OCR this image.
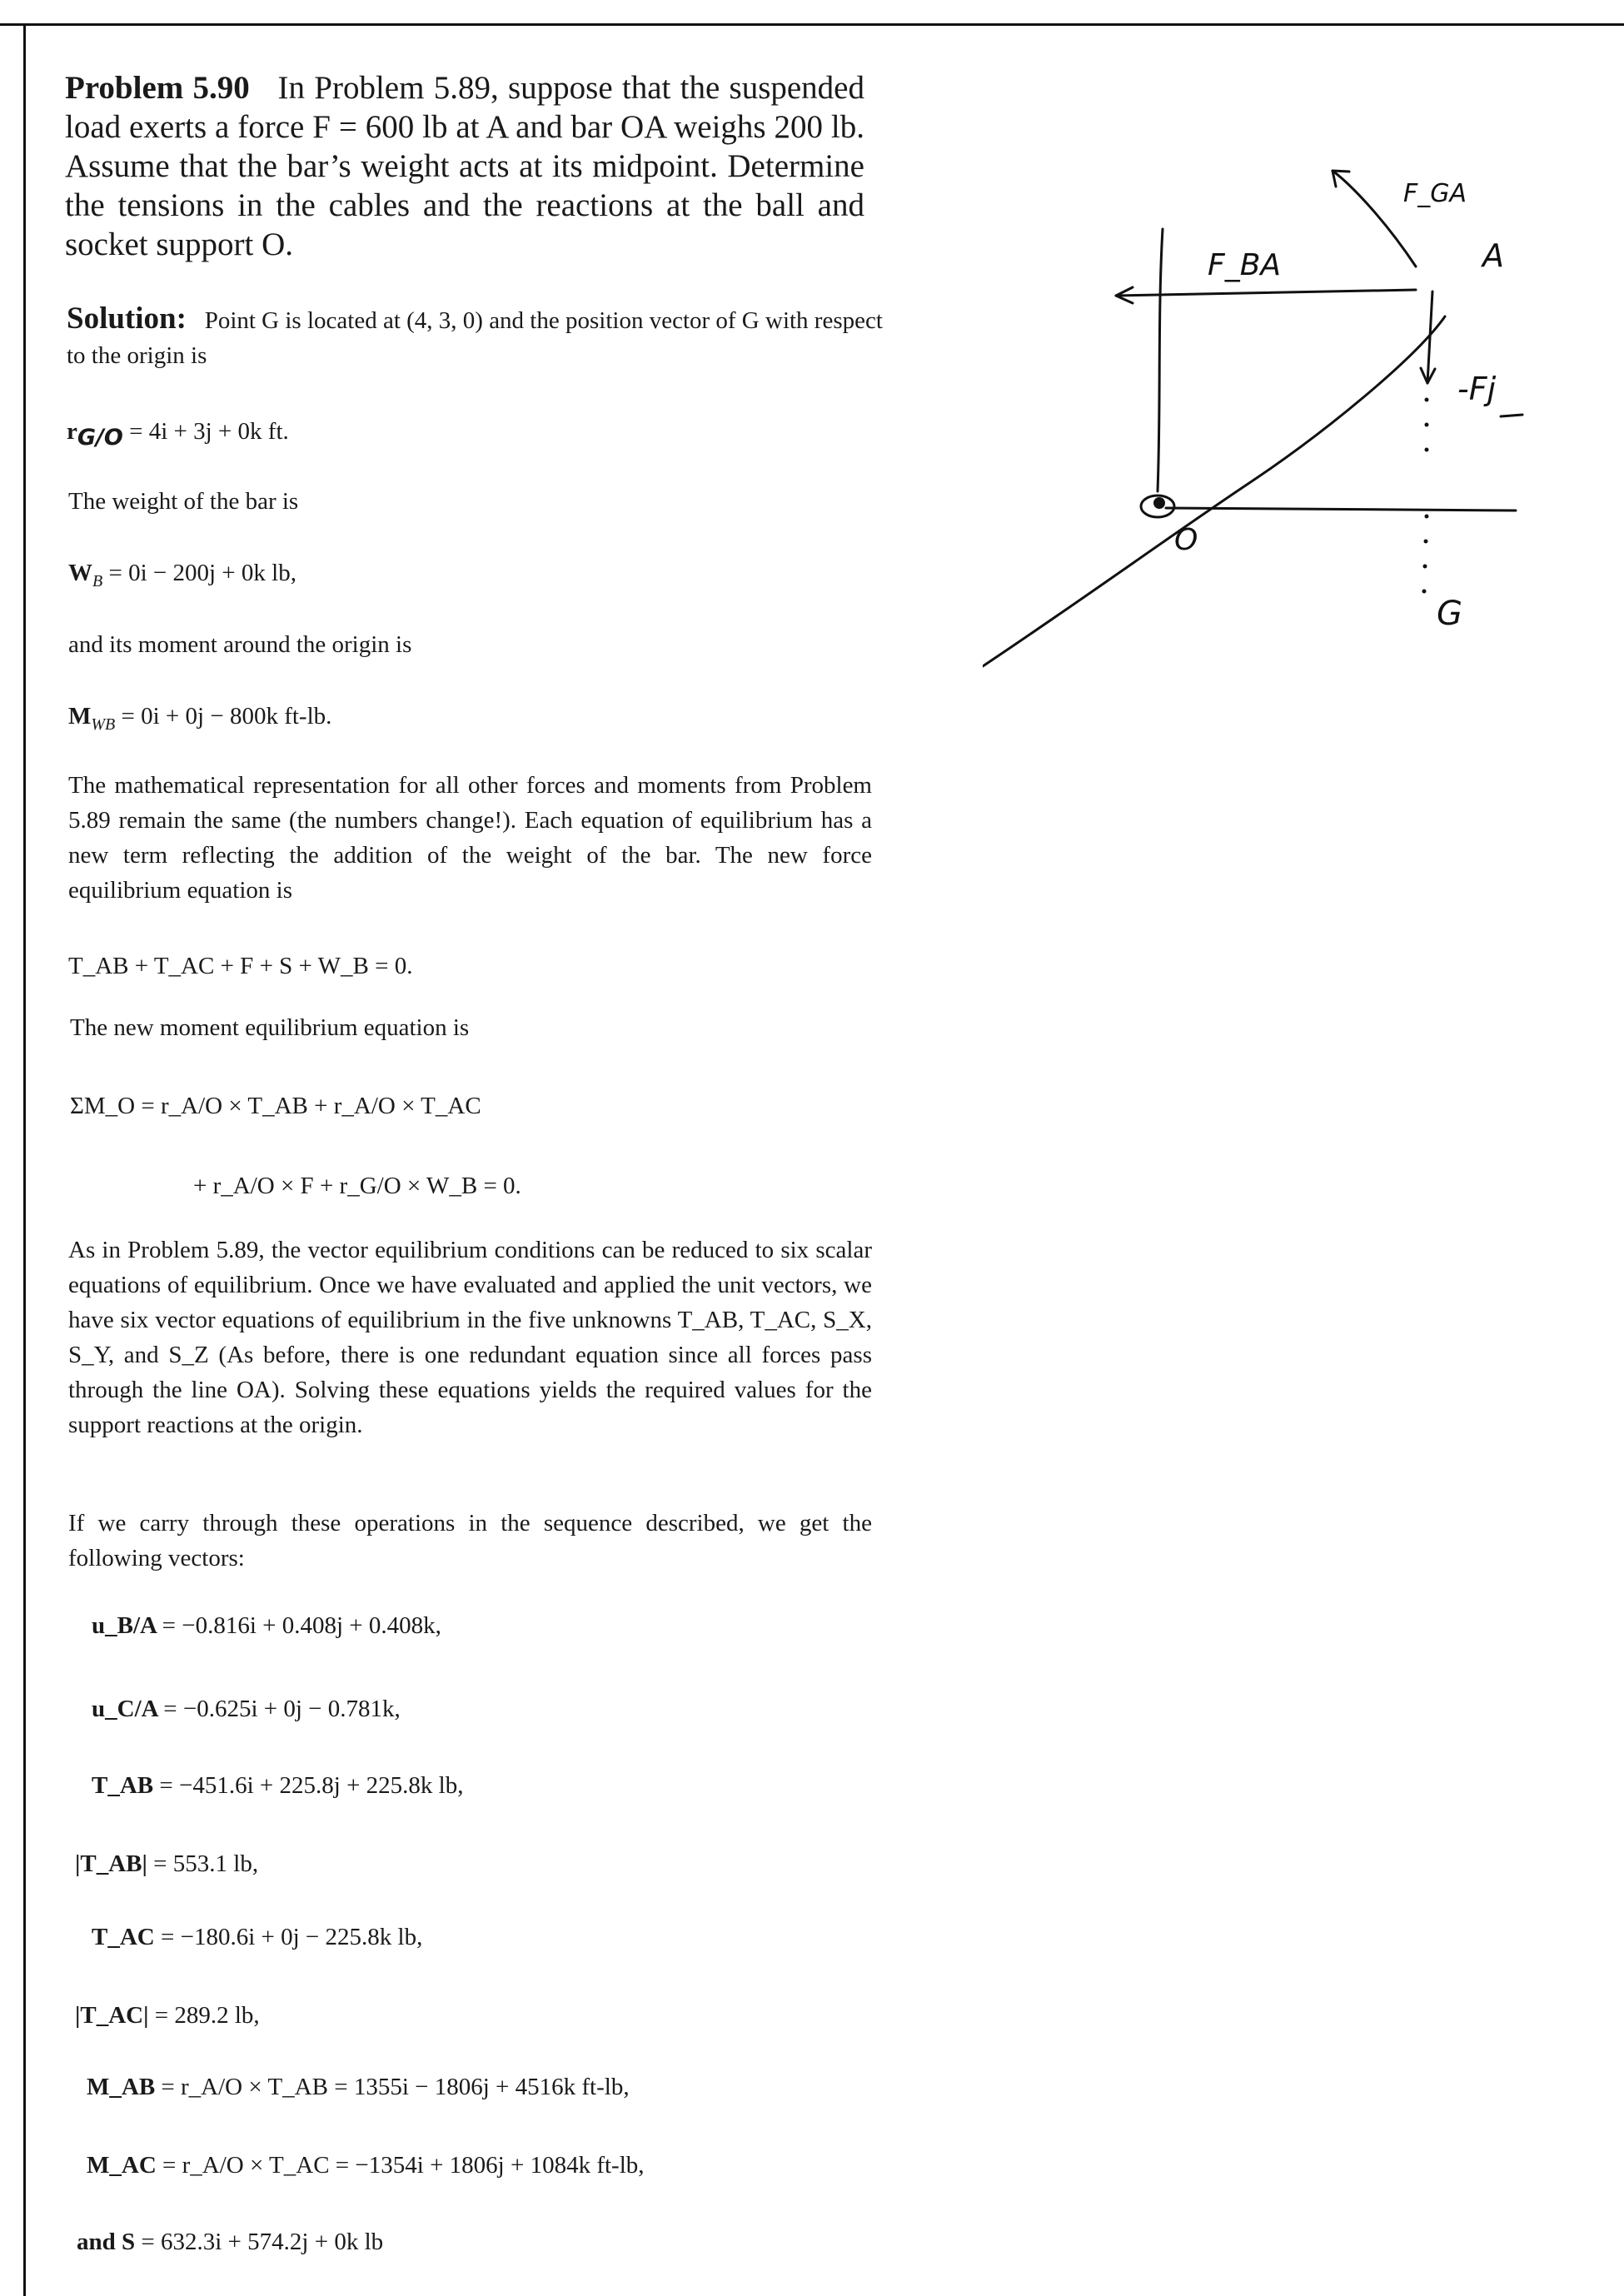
Problem 5.90 In Problem 5.89, suppose that the suspended load exerts a force F = 600 lb at A and bar OA weighs 200 lb. Assume that the bar’s weight acts at its midpoint. Determine the tensions in the cables and the reactions at the ball and socket support O.
Solution: Point G is located at (4, 3, 0) and the position vector of G with respect to the origin is
$r_{G/O} = 4i + 3j + 0k$ ft.
The weight of the bar is
$W_B = 0i - 200j + 0k$ lb,
and its moment around the origin is
$M_{WB} = 0i + 0j - 800k$ ft-lb.
The mathematical representation for all other forces and moments from Problem 5.89 remain the same (the numbers change!). Each equation of equilibrium has a new term reflecting the addition of the weight of the bar. The new force equilibrium equation is
T_AB + T_AC + F + S + W_B = 0.
The new moment equilibrium equation is
ΣM_O = r_A/O × T_AB + r_A/O × T_AC
+ r_A/O × F + r_G/O × W_B = 0.
As in Problem 5.89, the vector equilibrium conditions can be reduced to six scalar equations of equilibrium. Once we have evaluated and applied the unit vectors, we have six vector equations of equilibrium in the five unknowns T_AB, T_AC, S_X, S_Y, and S_Z (As before, there is one redundant equation since all forces pass through the line OA). Solving these equations yields the required values for the support reactions at the origin.
If we carry through these operations in the sequence described, we get the following vectors:
u_B/A = −0.816i + 0.408j + 0.408k,
u_C/A = −0.625i + 0j − 0.781k,
T_AB = −451.6i + 225.8j + 225.8k lb,
|T_AB| = 553.1 lb,
T_AC = −180.6i + 0j − 225.8k lb,
|T_AC| = 289.2 lb,
M_AB = r_A/O × T_AB = 1355i − 1806j + 4516k ft-lb,
M_AC = r_A/O × T_AC = −1354i + 1806j + 1084k ft-lb,
and S = 632.3i + 574.2j + 0k lb
F_GA
F_BA	A
-Fj
O
G
